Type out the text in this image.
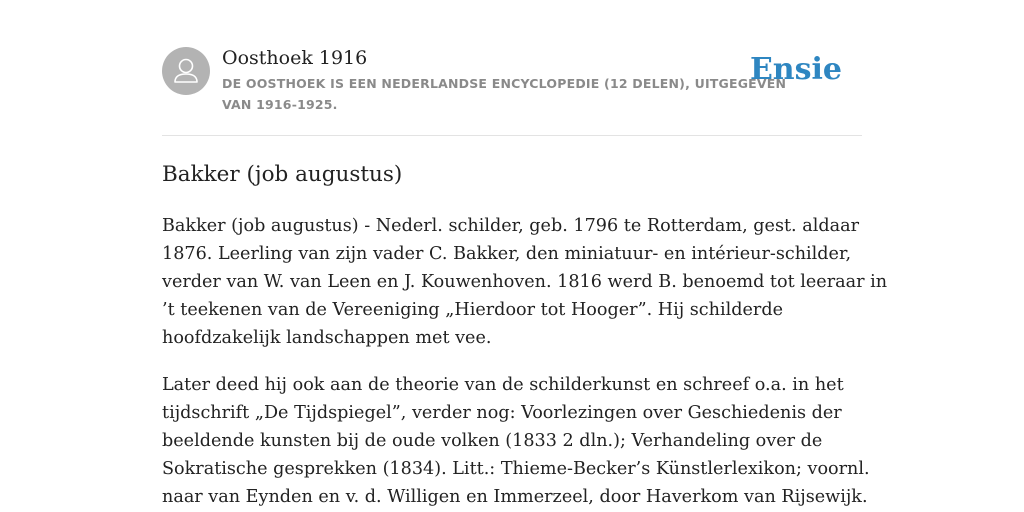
Oosthoek 1916
DE OOSTHOEK IS EEN NEDERLANDSE ENCYCLOPEDIE (12 DELEN), UITGEGEVEN
VAN 1916-1925.
Ensie
Bakker (job augustus)

Bakker (job augustus) - Nederl. schilder, geb. 1796 te Rotterdam, gest. aldaar
1876. Leerling van zijn vader C. Bakker, den miniatuur- en intérieur-schilder,
verder van W. van Leen en J. Kouwenhoven. 1816 werd B. benoemd tot leeraar in
’t teekenen van de Vereeniging „Hierdoor tot Hooger”. Hij schilderde
hoofdzakelijk landschappen met vee.

Later deed hij ook aan de theorie van de schilderkunst en schreef o.a. in het
tijdschrift „De Tijdspiegel”, verder nog: Voorlezingen over Geschiedenis der
beeldende kunsten bij de oude volken (1833 2 dln.); Verhandeling over de
Sokratische gesprekken (1834). Litt.: Thieme-Becker’s Künstlerlexikon; voornl.
naar van Eynden en v. d. Willigen en Immerzeel, door Haverkom van Rijsewijk.
